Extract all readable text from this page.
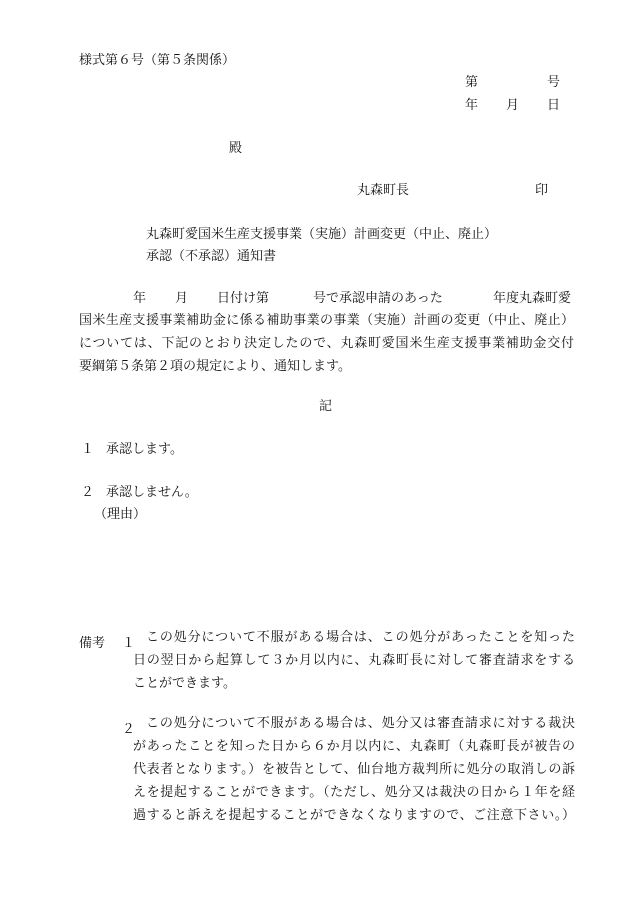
様式第６号（第５条関係）
第	号
年 月 日
殿
丸森町長	印
丸森町愛国米生産支援事業（実施）計画変更（中止、廃止）
承認（不承認）通知書
年 月 日付け第	号で承認申請のあった	年度丸森町愛
国米生産支援事業補助金に係る補助事業の事業（実施）計画の変更（中止、廃止）
については、下記のとおり決定したので、丸森町愛国米生産支援事業補助金交付
要綱第５条第２項の規定により、通知します。
記
１ 承認します。
２ 承認しません。
（理由）
備考 １ この処分について不服がある場合は、この処分があったことを知った
日の翌日から起算して３か月以内に、丸森町長に対して審査請求をする
ことができます。
２ この処分について不服がある場合は、処分又は審査請求に対する裁決
があったことを知った日から６か月以内に、丸森町（丸森町長が被告の
代表者となります。）を被告として、仙台地方裁判所に処分の取消しの訴
えを提起することができます。（ただし、処分又は裁決の日から１年を経
過すると訴えを提起することができなくなりますので、ご注意下さい。）
